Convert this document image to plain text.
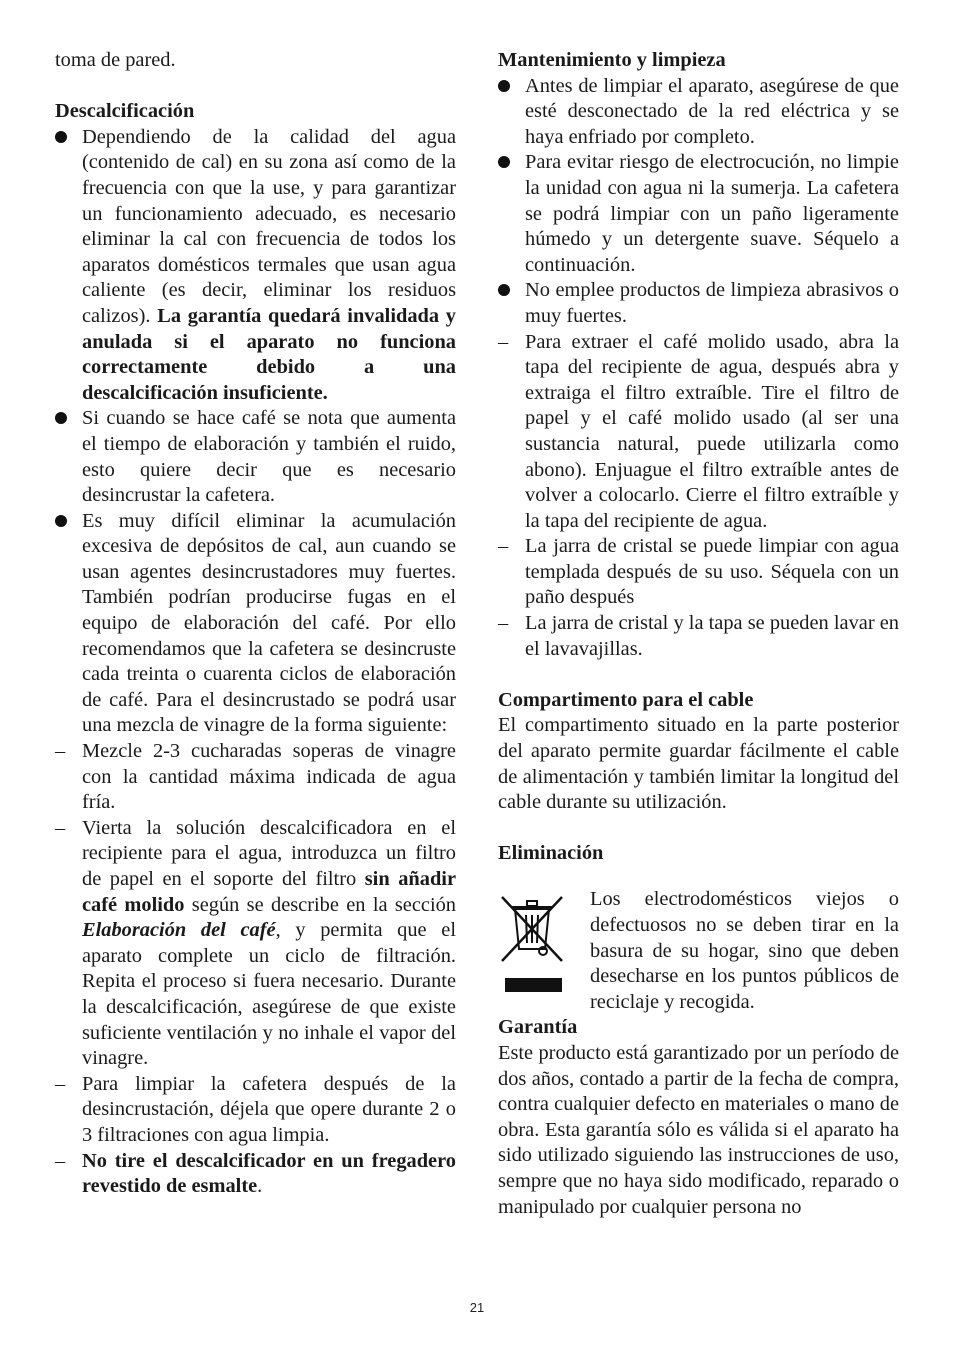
toma de pared.

Descalcificación

Dependiendo de la calidad del agua (contenido de cal) en su zona así como de la frecuencia con que la use, y para garantizar un funcionamiento adecuado, es necesario eliminar la cal con frecuencia de todos los aparatos domésticos termales que usan agua caliente (es decir, eliminar los residuos calizos). La garantía quedará invalidada y anulada si el aparato no funciona correctamente debido a una descalcificación insuficiente.
Si cuando se hace café se nota que aumenta el tiempo de elaboración y también el ruido, esto quiere decir que es necesario desincrustar la cafetera.
Es muy difícil eliminar la acumulación excesiva de depósitos de cal, aun cuando se usan agentes desincrustadores muy fuertes. También podrían producirse fugas en el equipo de elaboración del café. Por ello recomendamos que la cafetera se desincruste cada treinta o cuarenta ciclos de elaboración de café. Para el desincrustado se podrá usar una mezcla de vinagre de la forma siguiente:
– Mezcle 2-3 cucharadas soperas de vinagre con la cantidad máxima indicada de agua fría.
– Vierta la solución descalcificadora en el recipiente para el agua, introduzca un filtro de papel en el soporte del filtro sin añadir café molido según se describe en la sección Elaboración del café, y permita que el aparato complete un ciclo de filtración. Repita el proceso si fuera necesario. Durante la descalcificación, asegúrese de que existe suficiente ventilación y no inhale el vapor del vinagre.
– Para limpiar la cafetera después de la desincrustación, déjela que opere durante 2 o 3 filtraciones con agua limpia.
– No tire el descalcificador en un fregadero revestido de esmalte.

Mantenimiento y limpieza

Antes de limpiar el aparato, asegúrese de que esté desconectado de la red eléctrica y se haya enfriado por completo.
Para evitar riesgo de electrocución, no limpie la unidad con agua ni la sumerja. La cafetera se podrá limpiar con un paño ligeramente húmedo y un detergente suave. Séquelo a continuación.
No emplee productos de limpieza abrasivos o muy fuertes.
– Para extraer el café molido usado, abra la tapa del recipiente de agua, después abra y extraiga el filtro extraíble. Tire el filtro de papel y el café molido usado (al ser una sustancia natural, puede utilizarla como abono). Enjuague el filtro extraíble antes de volver a colocarlo. Cierre el filtro extraíble y la tapa del recipiente de agua.
– La jarra de cristal se puede limpiar con agua templada después de su uso. Séquela con un paño después
– La jarra de cristal y la tapa se pueden lavar en el lavavajillas.

Compartimento para el cable

El compartimento situado en la parte posterior del aparato permite guardar fácilmente el cable de alimentación y también limitar la longitud del cable durante su utilización.

Eliminación

Los electrodomésticos viejos o defectuosos no se deben tirar en la basura de su hogar, sino que deben desecharse en los puntos públicos de reciclaje y recogida.

Garantía

Este producto está garantizado por un período de dos años, contado a partir de la fecha de compra, contra cualquier defecto en materiales o mano de obra. Esta garantía sólo es válida si el aparato ha sido utilizado siguiendo las instrucciones de uso, sempre que no haya sido modificado, reparado o manipulado por cualquier persona no

21
